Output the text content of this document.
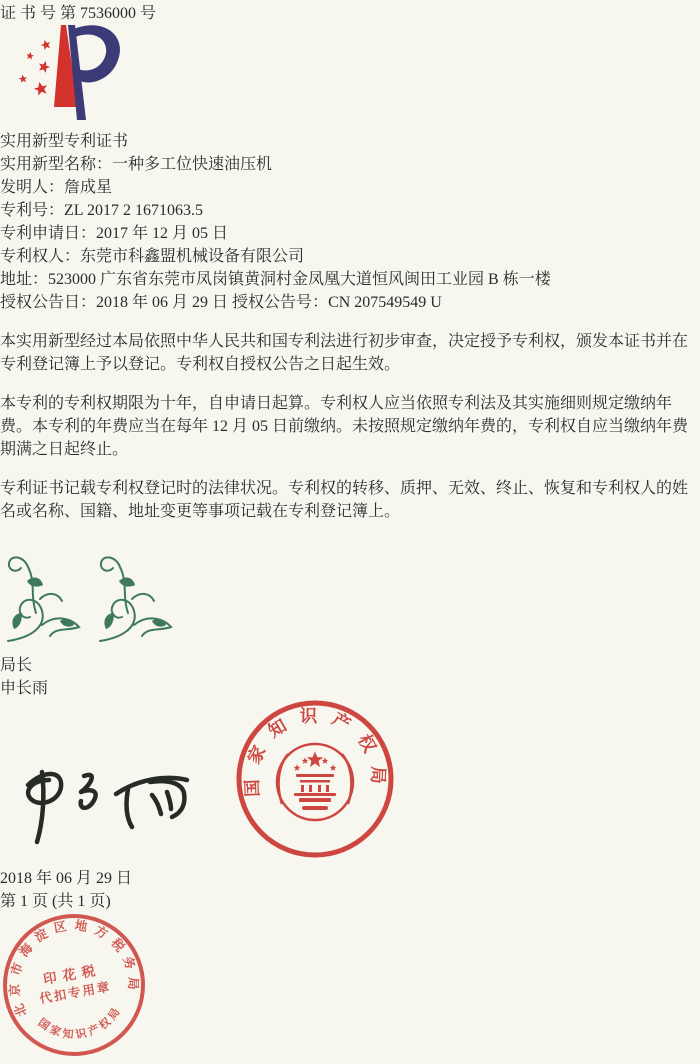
证 书 号 第 7536000 号
实用新型专利证书
实用新型名称：一种多工位快速油压机
发明人：詹成星
专利号：ZL 2017 2 1671063.5
专利申请日：2017 年 12 月 05 日
专利权人：东莞市科鑫盟机械设备有限公司
地址：523000 广东省东莞市凤岗镇黄洞村金凤凰大道恒风闽田工业园 B 栋一楼
授权公告日：2018 年 06 月 29 日 授权公告号：CN 207549549 U

本实用新型经过本局依照中华人民共和国专利法进行初步审查，决定授予专利权，颁发本证书并在专利登记簿上予以登记。专利权自授权公告之日起生效。

本专利的专利权期限为十年，自申请日起算。专利权人应当依照专利法及其实施细则规定缴纳年费。本专利的年费应当在每年 12 月 05 日前缴纳。未按照规定缴纳年费的，专利权自应当缴纳年费期满之日起终止。

专利证书记载专利权登记时的法律状况。专利权的转移、质押、无效、终止、恢复和专利权人的姓名或名称、国籍、地址变更等事项记载在专利登记簿上。

局长
申长雨

国家知识产权局
2018 年 06 月 29 日
第 1 页 (共 1 页)
北京市海淀区地方税务局
国家知识产权局
印花税
代扣专用章
